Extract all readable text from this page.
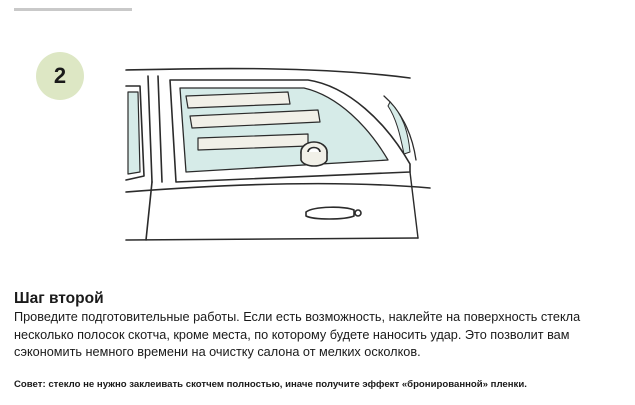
2
Шаг второй

Проведите подготовительные работы. Если есть возможность, наклейте на поверхность стекла несколько полосок скотча, кроме места, по которому будете наносить удар. Это позволит вам сэкономить немного времени на очистку салона от мелких осколков.

Совет: стекло не нужно заклеивать скотчем полностью, иначе получите эффект «бронированной» пленки.
